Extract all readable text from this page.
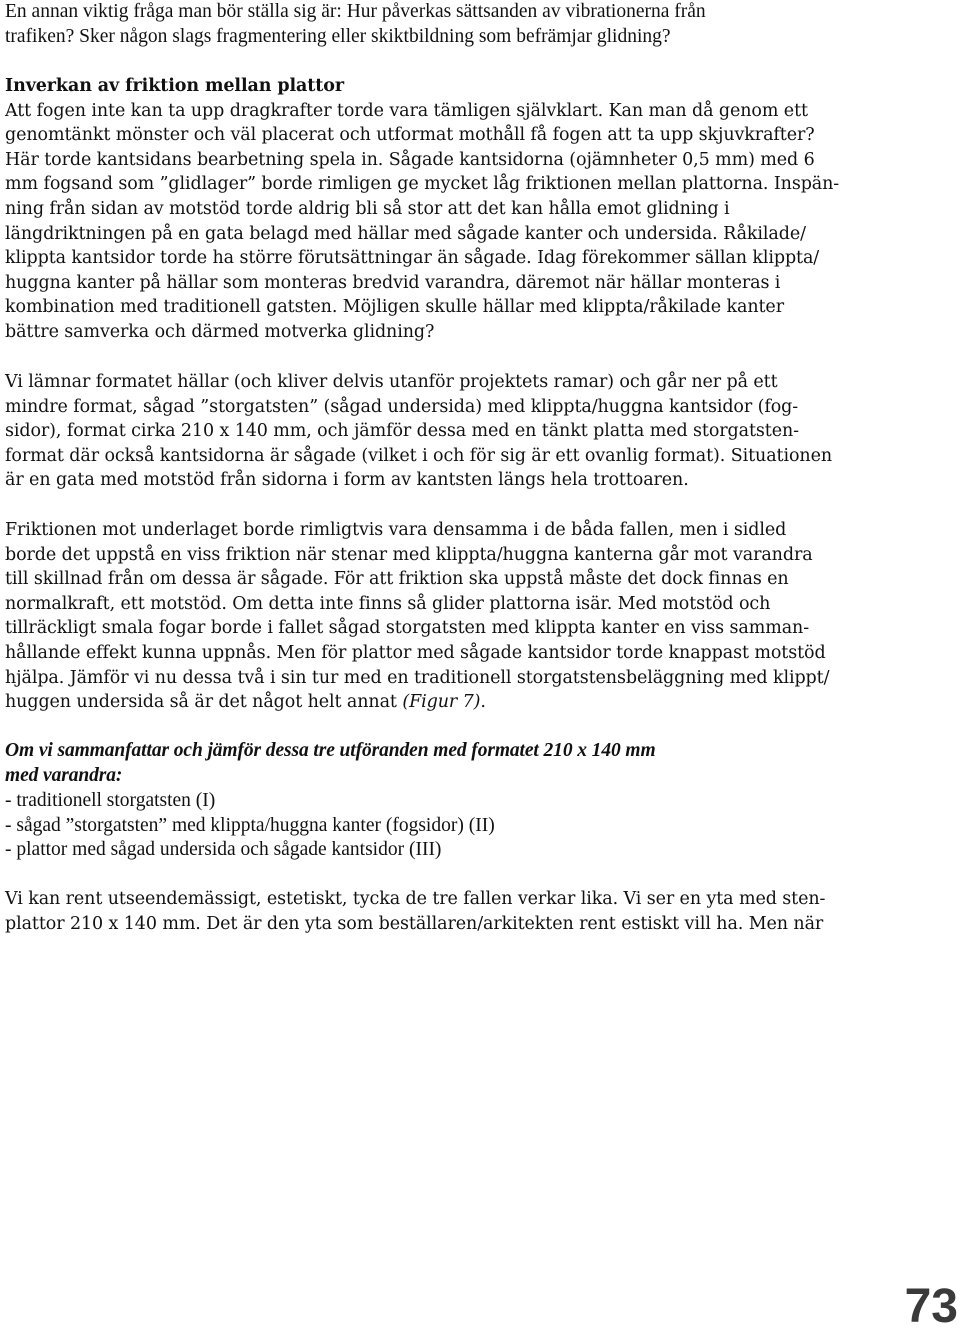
En annan viktig fråga man bör ställa sig är: Hur påverkas sättsanden av vibrationerna från
trafiken? Sker någon slags fragmentering eller skiktbildning som befrämjar glidning?
Inverkan av friktion mellan plattor
Att fogen inte kan ta upp dragkrafter torde vara tämligen självklart. Kan man då genom ett
genomtänkt mönster och väl placerat och utformat mothåll få fogen att ta upp skjuvkrafter?
Här torde kantsidans bearbetning spela in. Sågade kantsidorna (ojämnheter 0,5 mm) med 6
mm fogsand som ”glidlager” borde rimligen ge mycket låg friktionen mellan plattorna. Inspän-
ning från sidan av motstöd torde aldrig bli så stor att det kan hålla emot glidning i
längdriktningen på en gata belagd med hällar med sågade kanter och undersida. Råkilade/
klippta kantsidor torde ha större förutsättningar än sågade. Idag förekommer sällan klippta/
huggna kanter på hällar som monteras bredvid varandra, däremot när hällar monteras i
kombination med traditionell gatsten. Möjligen skulle hällar med klippta/råkilade kanter
bättre samverka och därmed motverka glidning?
Vi lämnar formatet hällar (och kliver delvis utanför projektets ramar) och går ner på ett
mindre format, sågad ”storgatsten” (sågad undersida) med klippta/huggna kantsidor (fog-
sidor), format cirka 210 x 140 mm, och jämför dessa med en tänkt platta med storgatsten-
format där också kantsidorna är sågade (vilket i och för sig är ett ovanlig format). Situationen
är en gata med motstöd från sidorna i form av kantsten längs hela trottoaren.
Friktionen mot underlaget borde rimligtvis vara densamma i de båda fallen, men i sidled
borde det uppstå en viss friktion när stenar med klippta/huggna kanterna går mot varandra
till skillnad från om dessa är sågade. För att friktion ska uppstå måste det dock finnas en
normalkraft, ett motstöd. Om detta inte finns så glider plattorna isär. Med motstöd och
tillräckligt smala fogar borde i fallet sågad storgatsten med klippta kanter en viss samman-
hållande effekt kunna uppnås. Men för plattor med sågade kantsidor torde knappast motstöd
hjälpa. Jämför vi nu dessa två i sin tur med en traditionell storgatstensbeläggning med klippt/
huggen undersida så är det något helt annat (Figur 7).
Om vi sammanfattar och jämför dessa tre utföranden med formatet 210 x 140 mm
med varandra:
- traditionell storgatsten (I)
- sågad ”storgatsten” med klippta/huggna kanter (fogsidor) (II)
- plattor med sågad undersida och sågade kantsidor (III)
Vi kan rent utseendemässigt, estetiskt, tycka de tre fallen verkar lika. Vi ser en yta med sten-
plattor 210 x 140 mm. Det är den yta som beställaren/arkitekten rent estiskt vill ha. Men när
73
